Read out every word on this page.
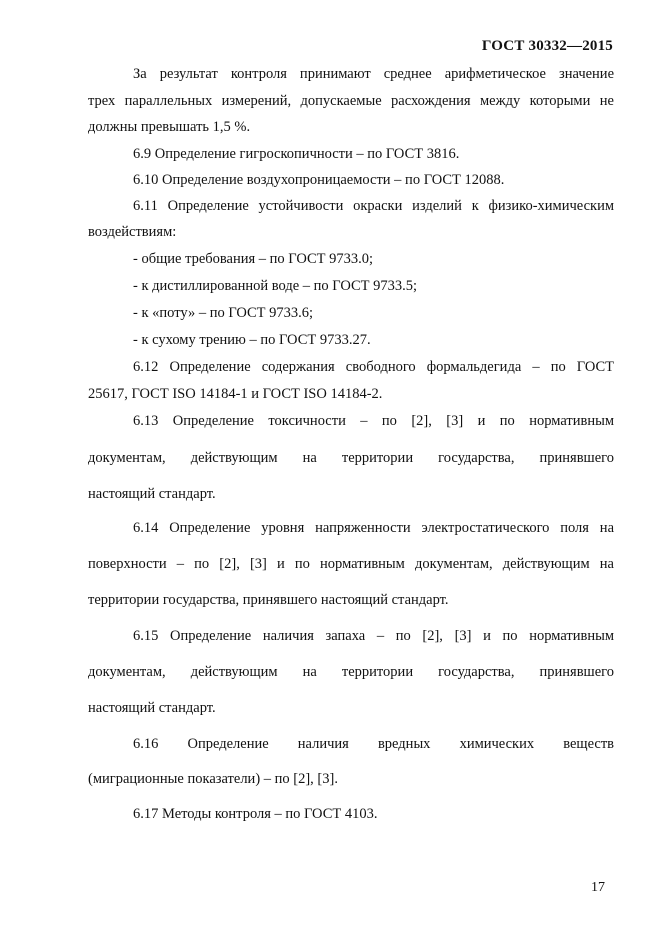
ГОСТ 30332—2015
За результат контроля принимают среднее арифметическое значение
трех параллельных измерений, допускаемые расхождения между которыми не
должны превышать 1,5 %.
6.9 Определение гигроскопичности – по ГОСТ 3816.
6.10 Определение воздухопроницаемости – по ГОСТ 12088.
6.11 Определение устойчивости окраски изделий к физико-химическим
воздействиям:
- общие требования – по ГОСТ 9733.0;
- к дистиллированной воде – по ГОСТ 9733.5;
- к «поту» – по ГОСТ 9733.6;
- к сухому трению – по ГОСТ 9733.27.
6.12 Определение содержания свободного формальдегида – по ГОСТ
25617, ГОСТ ISO 14184-1 и ГОСТ ISO 14184-2.
6.13 Определение токсичности – по [2], [3] и по нормативным
документам, действующим на территории государства, принявшего
настоящий стандарт.
6.14 Определение уровня напряженности электростатического поля на
поверхности – по [2], [3] и по нормативным документам, действующим на
территории государства, принявшего настоящий стандарт.
6.15 Определение наличия запаха – по [2], [3] и по нормативным
документам, действующим на территории государства, принявшего
настоящий стандарт.
6.16 Определение наличия вредных химических веществ
(миграционные показатели) – по [2], [3].
6.17 Методы контроля – по ГОСТ 4103.
17
